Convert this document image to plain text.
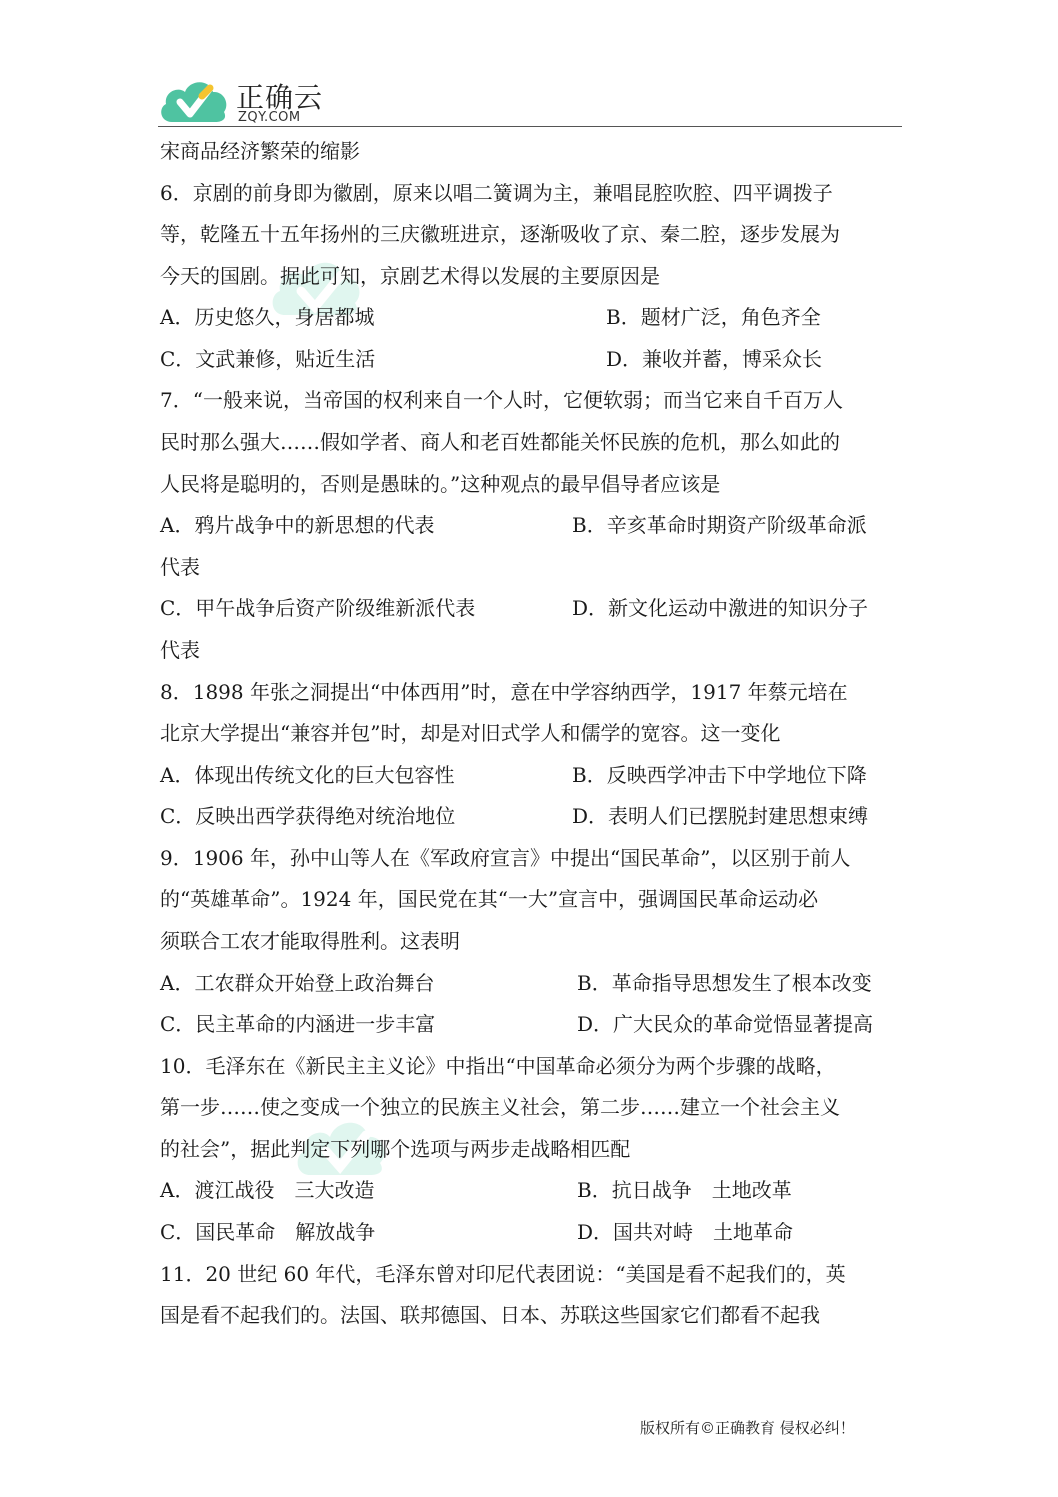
正确云
ZQY.COM
宋商品经济繁荣的缩影
6．京剧的前身即为徽剧，原来以唱二簧调为主，兼唱昆腔吹腔、四平调拨子
等，乾隆五十五年扬州的三庆徽班进京，逐渐吸收了京、秦二腔，逐步发展为
今天的国剧。据此可知，京剧艺术得以发展的主要原因是
A．历史悠久，身居都城	B．题材广泛，角色齐全
C．文武兼修，贴近生活	D．兼收并蓄，博采众长
7．“一般来说，当帝国的权利来自一个人时，它便软弱；而当它来自千百万人
民时那么强大……假如学者、商人和老百姓都能关怀民族的危机，那么如此的
人民将是聪明的，否则是愚昧的。”这种观点的最早倡导者应该是
A．鸦片战争中的新思想的代表	B．辛亥革命时期资产阶级革命派
代表
C．甲午战争后资产阶级维新派代表	D．新文化运动中激进的知识分子
代表
8．1898 年张之洞提出“中体西用”时，意在中学容纳西学，1917 年蔡元培在
北京大学提出“兼容并包”时，却是对旧式学人和儒学的宽容。这一变化
A．体现出传统文化的巨大包容性	B．反映西学冲击下中学地位下降
C．反映出西学获得绝对统治地位	D．表明人们已摆脱封建思想束缚
9．1906 年，孙中山等人在《军政府宣言》中提出“国民革命”，以区别于前人
的“英雄革命”。1924 年，国民党在其“一大”宣言中，强调国民革命运动必
须联合工农才能取得胜利。这表明
A．工农群众开始登上政治舞台	B．革命指导思想发生了根本改变
C．民主革命的内涵进一步丰富	D．广大民众的革命觉悟显著提高
10．毛泽东在《新民主主义论》中指出“中国革命必须分为两个步骤的战略，
第一步……使之变成一个独立的民族主义社会，第二步……建立一个社会主义
的社会”，据此判定下列哪个选项与两步走战略相匹配
A．渡江战役　三大改造	B．抗日战争　土地改革
C．国民革命　解放战争	D．国共对峙　土地革命
11．20 世纪 60 年代，毛泽东曾对印尼代表团说：“美国是看不起我们的，英
国是看不起我们的。法国、联邦德国、日本、苏联这些国家它们都看不起我
版权所有©正确教育 侵权必纠！
